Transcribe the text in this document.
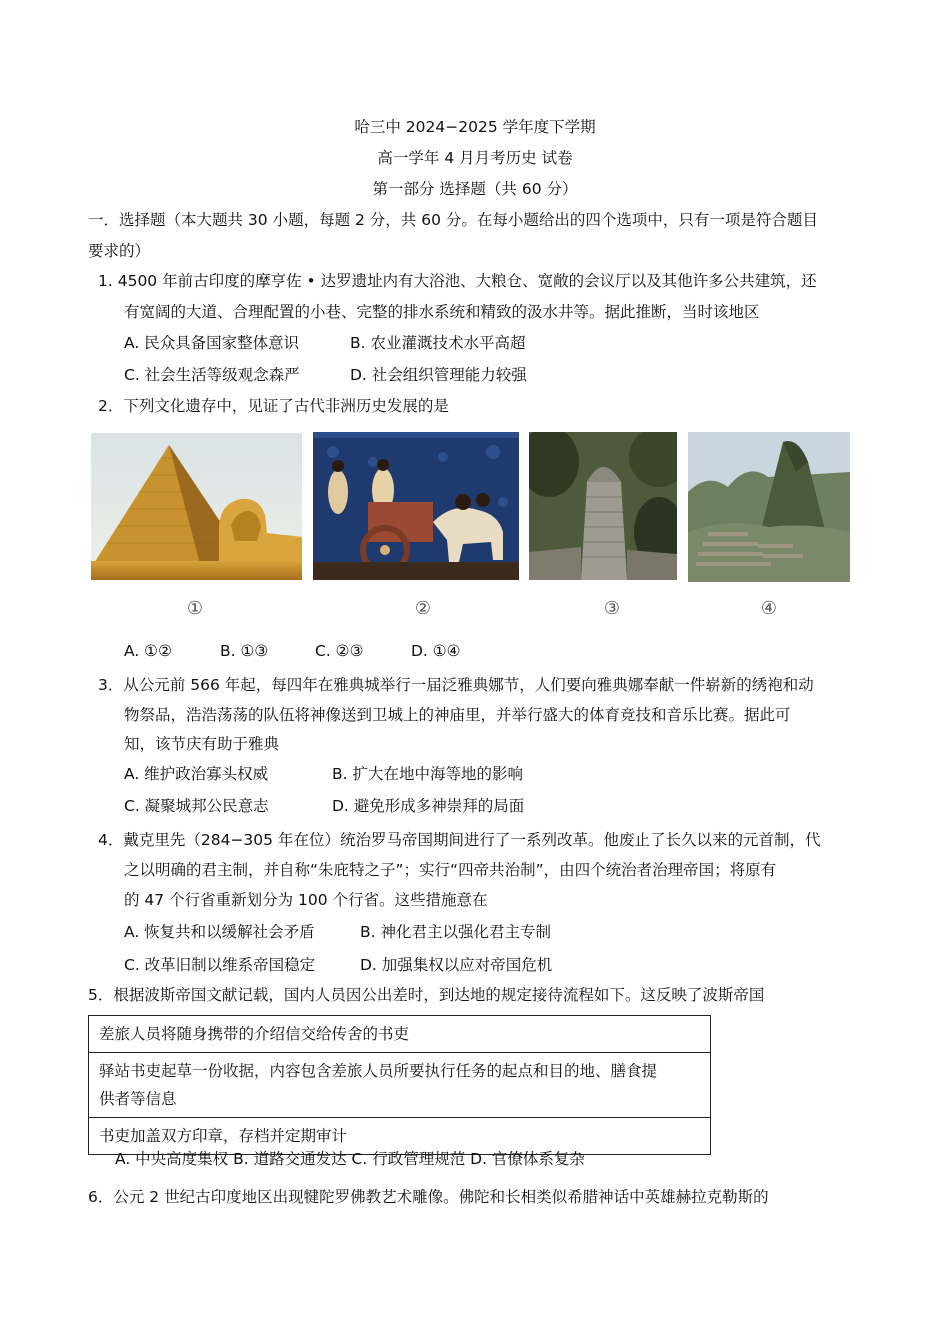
哈三中 2024−2025 学年度下学期
高一学年 4 月月考历史 试卷
第一部分 选择题（共 60 分）
一．选择题（本大题共 30 小题，每题 2 分，共 60 分。在每小题给出的四个选项中，只有一项是符合题目
要求的）
1. 4500 年前古印度的摩亨佐 • 达罗遗址内有大浴池、大粮仓、宽敞的会议厅以及其他许多公共建筑，还
有宽阔的大道、合理配置的小巷、完整的排水系统和精致的汲水井等。据此推断，当时该地区
A. 民众具备国家整体意识	B. 农业灌溉技术水平高超
C. 社会生活等级观念森严	D. 社会组织管理能力较强
2．下列文化遗存中，见证了古代非洲历史发展的是
①	②	③	④
A. ①②	B. ①③	C. ②③	D. ①④
3．从公元前 566 年起，每四年在雅典城举行一届泛雅典娜节，人们要向雅典娜奉献一件崭新的绣袍和动
物祭品，浩浩荡荡的队伍将神像送到卫城上的神庙里，并举行盛大的体育竞技和音乐比赛。据此可
知，该节庆有助于雅典
A. 维护政治寡头权威	B. 扩大在地中海等地的影响
C. 凝聚城邦公民意志	D. 避免形成多神崇拜的局面
4．戴克里先（284−305 年在位）统治罗马帝国期间进行了一系列改革。他废止了长久以来的元首制，代
之以明确的君主制，并自称“朱庇特之子”；实行“四帝共治制”，由四个统治者治理帝国；将原有
的 47 个行省重新划分为 100 个行省。这些措施意在
A. 恢复共和以缓解社会矛盾	B. 神化君主以强化君主专制
C. 改革旧制以维系帝国稳定	D. 加强集权以应对帝国危机
5．根据波斯帝国文献记载，国内人员因公出差时，到达地的规定接待流程如下。这反映了波斯帝国
差旅人员将随身携带的介绍信交给传舍的书吏

驿站书吏起草一份收据，内容包含差旅人员所要执行任务的起点和目的地、膳食提
供者等信息

书吏加盖双方印章，存档并定期审计
A. 中央高度集权 B. 道路交通发达 C. 行政管理规范 D. 官僚体系复杂
6．公元 2 世纪古印度地区出现犍陀罗佛教艺术雕像。佛陀和长相类似希腊神话中英雄赫拉克勒斯的
